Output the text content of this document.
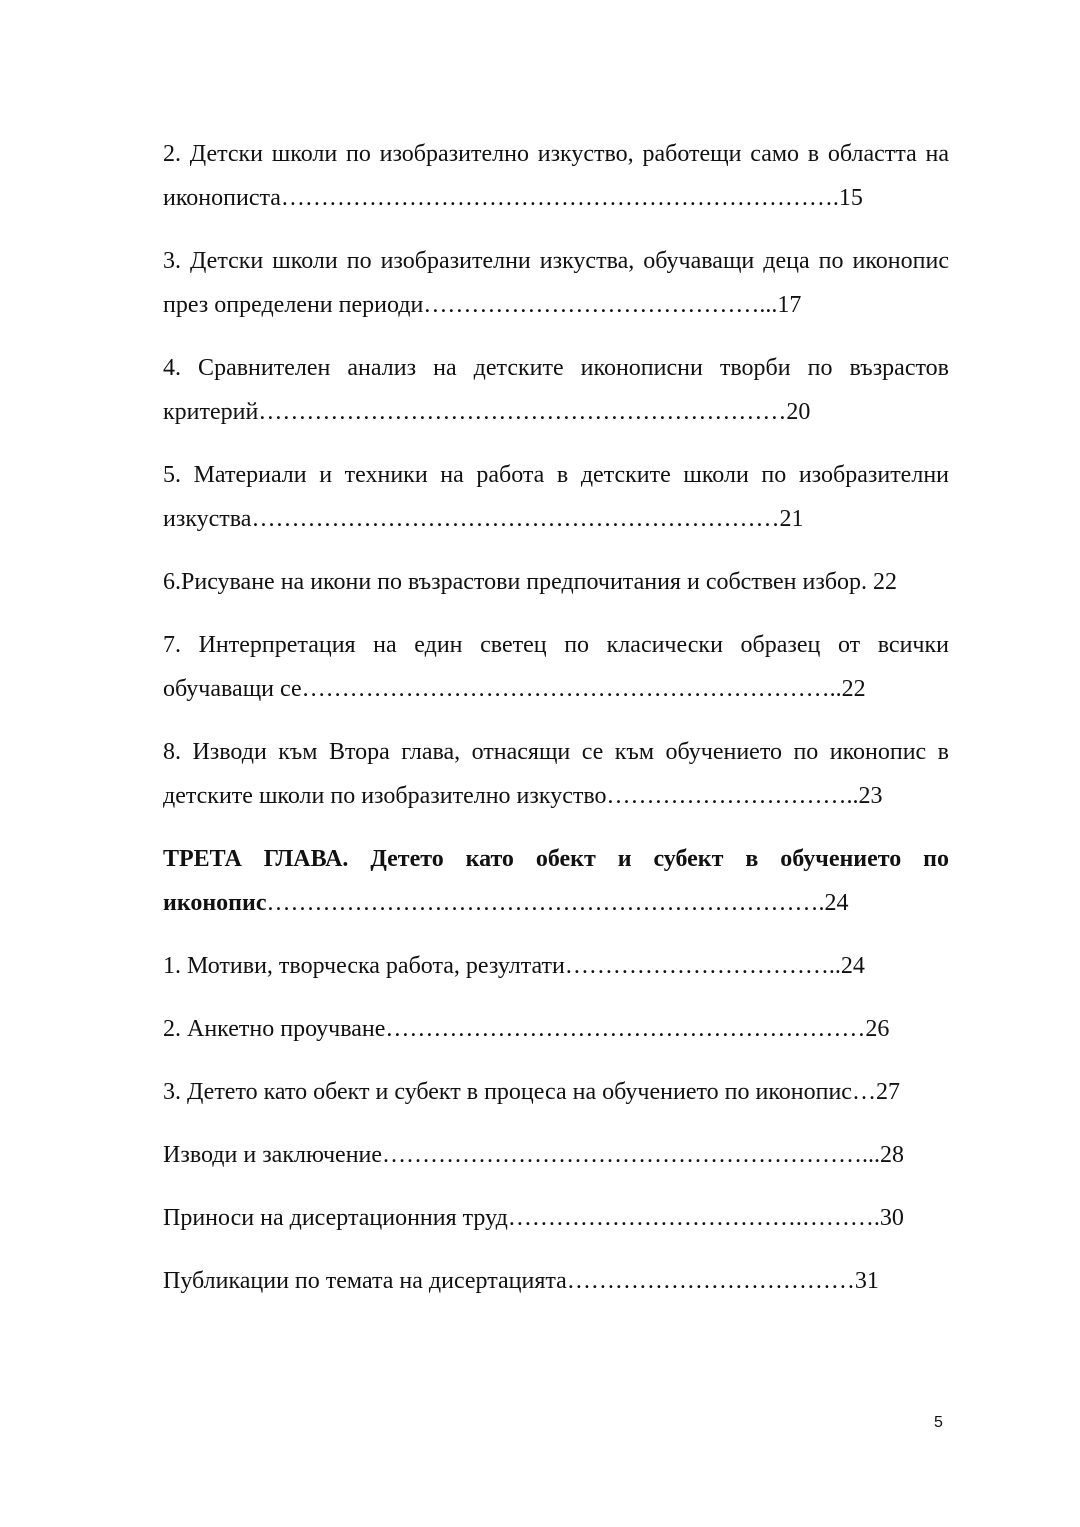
2. Детски школи по изобразително изкуство, работещи само в областта на иконописта…………………………………………………………….15

3. Детски школи по изобразителни изкуства, обучаващи деца по иконопис през определени периоди……………………………………...17

4. Сравнителен анализ на детските иконописни творби по възрастов критерий…………………………………………………………20

5. Материали и техники на работа в детските школи по изобразителни изкуства…………………………………………………………21

6.Рисуване на икони по възрастови предпочитания и собствен избор. 22

7. Интерпретация на един светец по класически образец от всички обучаващи се…………………………………………………………..22

8. Изводи към Втора глава, отнасящи се към обучението по иконопис в детските школи по изобразително изкуство…………………………..23

ТРЕТА ГЛАВА. Детето като обект и субект в обучението по иконопис…………………………………………………………….24

1. Мотиви, творческа работа, резултати……………………………..24

2. Анкетно проучване……………………………………………………26

3. Детето като обект и субект в процеса на обучението по иконопис…27

Изводи и заключение……………………………………………………...28

Приноси на дисертационния труд……………………………….……….30

Публикации по темата на дисертацията………………………………31

5
